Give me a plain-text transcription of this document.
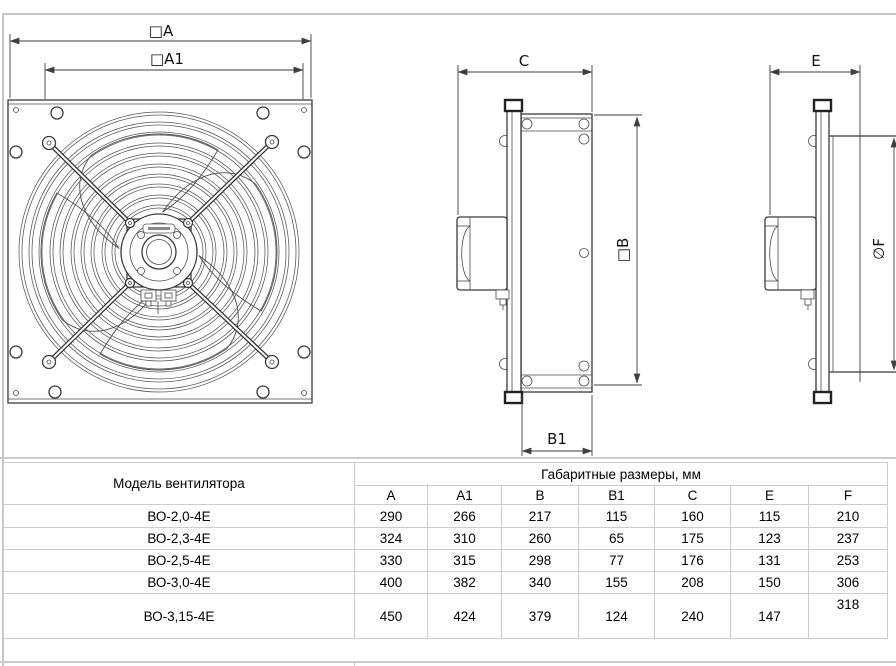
□A
□A1	C
□B
B1
E
∅F
Модель вентилятора	Габаритные размеры, мм						
	A	A1	B	B1	C	E	F
ВО-2,0-4Е	290	266	217	115	160	115	210
ВО-2,3-4Е	324	310	260	65	175	123	237
ВО-2,5-4Е	330	315	298	77	176	131	253
ВО-3,0-4Е	400	382	340	155	208	150	306
ВО-3,15-4Е	450	424	379	124	240	147	318
